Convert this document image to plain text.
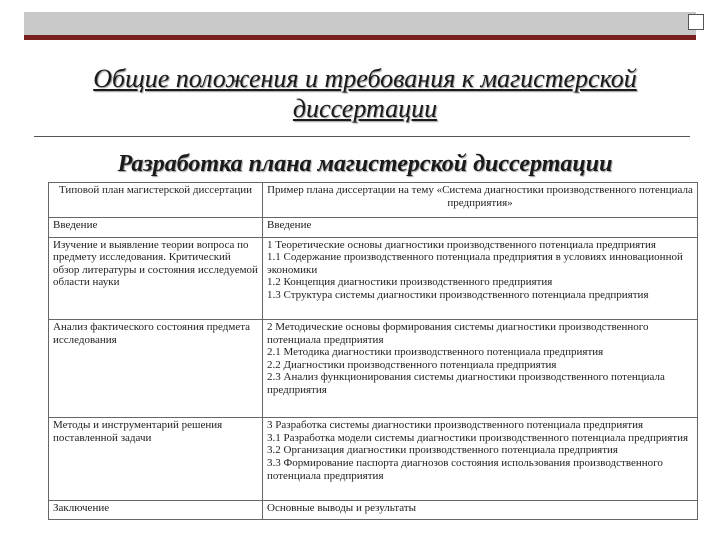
Общие положения и требования к магистерской диссертации
Разработка плана магистерской диссертации
Типовой план магистерской диссертации	Пример плана диссертации на тему «Система диагностики производственного потенциала предприятия»
Введение	Введение

Изучение и выявление теории вопроса по предмету исследования. Критический обзор литературы и состояния исследуемой области науки	1 Теоретические основы диагностики производственного потенциала предприятия
1.1 Содержание производственного потенциала предприятия в условиях инновационной экономики
1.2 Концепция диагностики производственного предприятия
1.3 Структура системы диагностики производственного потенциала предприятия

Анализ фактического состояния предмета исследования	2 Методические основы формирования системы диагностики производственного потенциала предприятия
2.1 Методика диагностики производственного потенциала предприятия
2.2 Диагностики производственного потенциала предприятия
2.3 Анализ функционирования системы диагностики производственного потенциала предприятия

Методы и инструментарий решения поставленной задачи	3 Разработка системы диагностики производственного потенциала предприятия
3.1 Разработка модели системы диагностики производственного потенциала предприятия
3.2 Организация диагностики производственного потенциала предприятия
3.3 Формирование паспорта диагнозов состояния использования производственного потенциала предприятия

Заключение	Основные выводы и результаты
